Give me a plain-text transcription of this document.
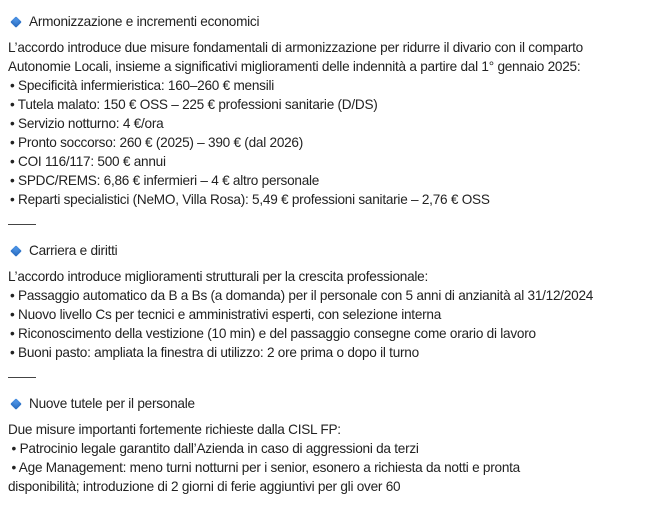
Armonizzazione e incrementi economici
L’accordo introduce due misure fondamentali di armonizzazione per ridurre il divario con il comparto
Autonomie Locali, insieme a significativi miglioramenti delle indennità a partire dal 1° gennaio 2025:
• Specificità infermieristica: 160–260 € mensili
• Tutela malato: 150 € OSS – 225 € professioni sanitarie (D/DS)
• Servizio notturno: 4 €/ora
• Pronto soccorso: 260 € (2025) – 390 € (dal 2026)
• COI 116/117: 500 € annui
• SPDC/REMS: 6,86 € infermieri – 4 € altro personale
• Reparti specialistici (NeMO, Villa Rosa): 5,49 € professioni sanitarie – 2,76 € OSS
Carriera e diritti
L’accordo introduce miglioramenti strutturali per la crescita professionale:
• Passaggio automatico da B a Bs (a domanda) per il personale con 5 anni di anzianità al 31/12/2024
• Nuovo livello Cs per tecnici e amministrativi esperti, con selezione interna
• Riconoscimento della vestizione (10 min) e del passaggio consegne come orario di lavoro
• Buoni pasto: ampliata la finestra di utilizzo: 2 ore prima o dopo il turno
Nuove tutele per il personale
Due misure importanti fortemente richieste dalla CISL FP:
• Patrocinio legale garantito dall’Azienda in caso di aggressioni da terzi
• Age Management: meno turni notturni per i senior, esonero a richiesta da notti e pronta
disponibilità; introduzione di 2 giorni di ferie aggiuntivi per gli over 60
